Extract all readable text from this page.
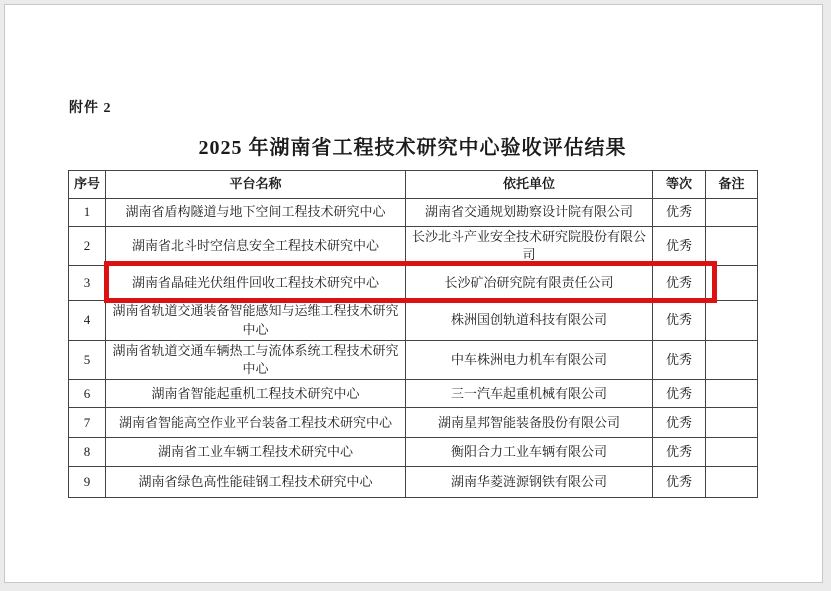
附件 2
2025 年湖南省工程技术研究中心验收评估结果
序号	平台名称	依托单位	等次	备注
1	湖南省盾构隧道与地下空间工程技术研究中心	湖南省交通规划勘察设计院有限公司	优秀	
2	湖南省北斗时空信息安全工程技术研究中心	长沙北斗产业安全技术研究院股份有限公司	优秀	
3	湖南省晶硅光伏组件回收工程技术研究中心	长沙矿冶研究院有限责任公司	优秀	
4	湖南省轨道交通装备智能感知与运维工程技术研究中心	株洲国创轨道科技有限公司	优秀	
5	湖南省轨道交通车辆热工与流体系统工程技术研究中心	中车株洲电力机车有限公司	优秀	
6	湖南省智能起重机工程技术研究中心	三一汽车起重机械有限公司	优秀	
7	湖南省智能高空作业平台装备工程技术研究中心	湖南星邦智能装备股份有限公司	优秀	
8	湖南省工业车辆工程技术研究中心	衡阳合力工业车辆有限公司	优秀	
9	湖南省绿色高性能硅钢工程技术研究中心	湖南华菱涟源钢铁有限公司	优秀	
